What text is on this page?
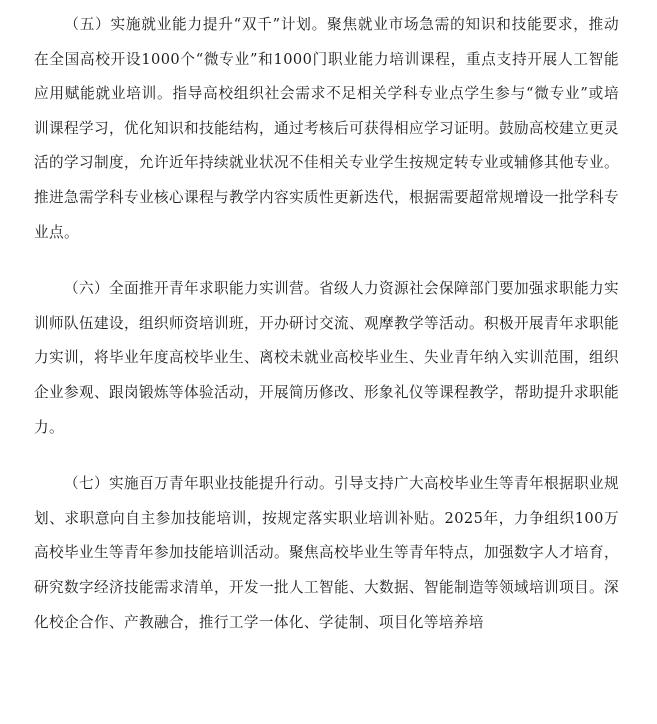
（五）实施就业能力提升“双千”计划。聚焦就业市场急需的知识和技能要求，推动在全国高校开设1000个“微专业”和1000门职业能力培训课程，重点支持开展人工智能应用赋能就业培训。指导高校组织社会需求不足相关学科专业点学生参与“微专业”或培训课程学习，优化知识和技能结构，通过考核后可获得相应学习证明。鼓励高校建立更灵活的学习制度，允许近年持续就业状况不佳相关专业学生按规定转专业或辅修其他专业。推进急需学科专业核心课程与教学内容实质性更新迭代，根据需要超常规增设一批学科专业点。

（六）全面推开青年求职能力实训营。省级人力资源社会保障部门要加强求职能力实训师队伍建设，组织师资培训班，开办研讨交流、观摩教学等活动。积极开展青年求职能力实训，将毕业年度高校毕业生、离校未就业高校毕业生、失业青年纳入实训范围，组织企业参观、跟岗锻炼等体验活动，开展简历修改、形象礼仪等课程教学，帮助提升求职能力。

（七）实施百万青年职业技能提升行动。引导支持广大高校毕业生等青年根据职业规划、求职意向自主参加技能培训，按规定落实职业培训补贴。2025年，力争组织100万高校毕业生等青年参加技能培训活动。聚焦高校毕业生等青年特点，加强数字人才培育，研究数字经济技能需求清单，开发一批人工智能、大数据、智能制造等领域培训项目。深化校企合作、产教融合，推行工学一体化、学徒制、项目化等培养培
